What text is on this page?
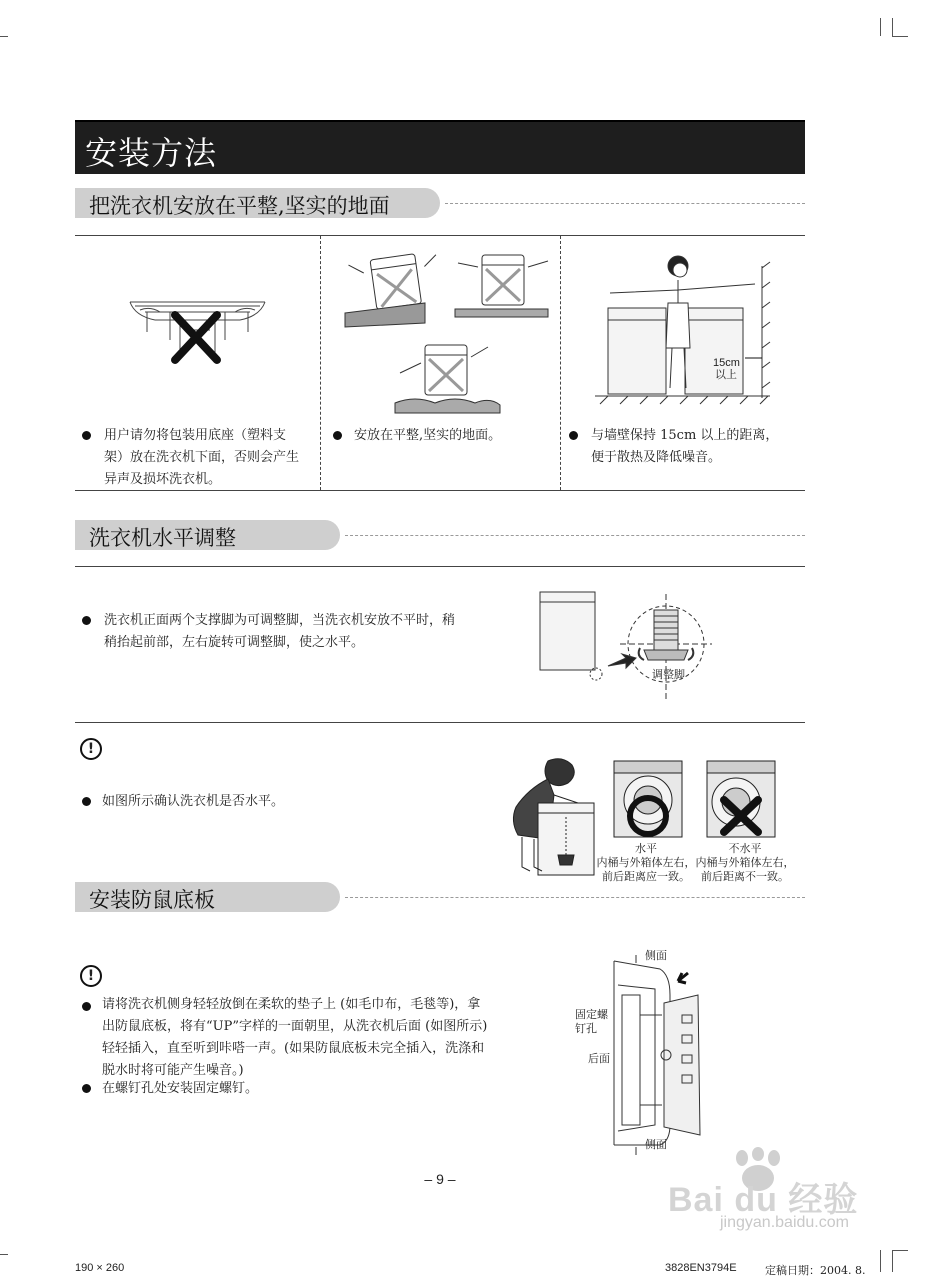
安装方法
把洗衣机安放在平整,坚实的地面
15cm
以上
用户请勿将包装用底座（塑料支
架）放在洗衣机下面，否则会产生
异声及损坏洗衣机。
安放在平整,坚实的地面。	与墙壁保持 15cm 以上的距离，
便于散热及降低噪音。
洗衣机水平调整
洗衣机正面两个支撑脚为可调整脚，当洗衣机安放不平时，稍
稍抬起前部，左右旋转可调整脚，使之水平。
调整脚
!
如图所示确认洗衣机是否水平。
水平
内桶与外箱体左右，
前后距离应一致。
不水平
内桶与外箱体左右，
前后距离不一致。
安装防鼠底板
!
请将洗衣机侧身轻轻放倒在柔软的垫子上 (如毛巾布，毛毯等)，拿
出防鼠底板，将有“UP”字样的一面朝里，从洗衣机后面 (如图所示)
轻轻插入，直至听到咔嗒一声。(如果防鼠底板未完全插入，洗涤和
脱水时将可能产生噪音。)
在螺钉孔处安装固定螺钉。
侧面
固定螺
钉孔
后面
侧面
– 9 –
Bai du 经验
jingyan.baidu.com
190 × 260	3828EN3794E	定稿日期：2004. 8.
